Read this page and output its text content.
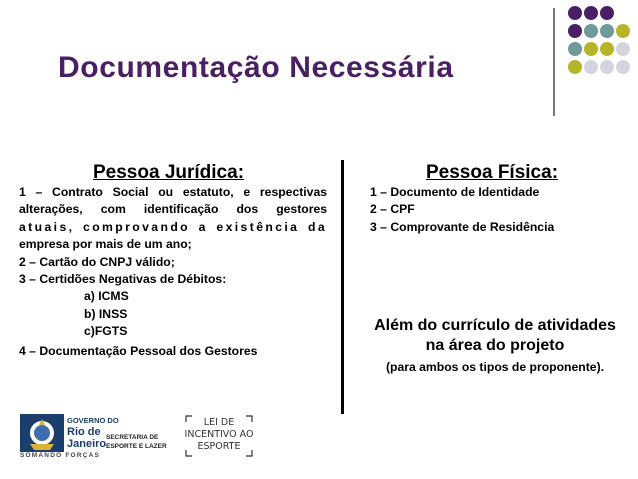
Documentação Necessária
Pessoa Jurídica:
1 – Contrato Social ou estatuto, e respectivas
alterações, com identificação dos gestores
atuais, comprovando a existência da
empresa por mais de um ano;
2 – Cartão do CNPJ válido;
3 – Certidões Negativas de Débitos:
a) ICMS
b) INSS
c)FGTS
4 – Documentação Pessoal dos Gestores
Pessoa Física:
1 – Documento de Identidade
2 – CPF
3 – Comprovante de Residência
Além do currículo de atividades
na área do projeto
(para ambos os tipos de proponente).
GOVERNO DO
Rio de
Janeiro
SOMANDO FORÇAS
SECRETARIA DE
ESPORTE E LAZER
LEI DE
INCENTIVO AO
ESPORTE
